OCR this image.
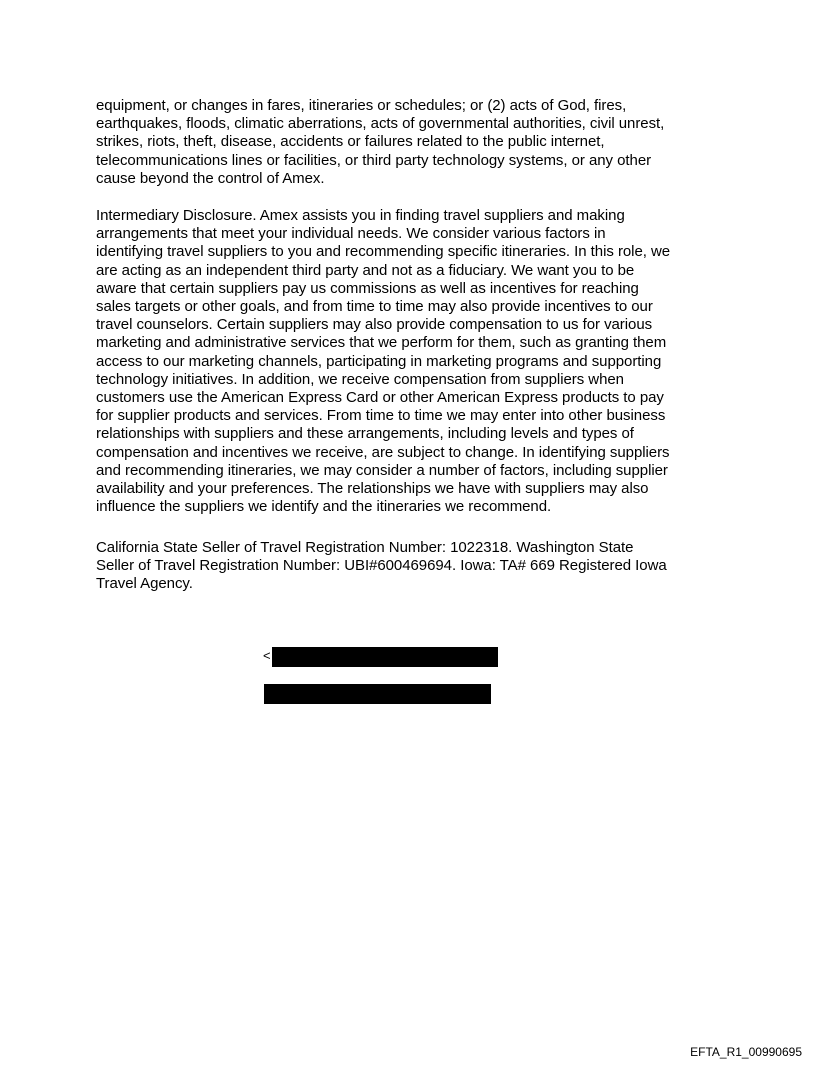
equipment, or changes in fares, itineraries or schedules; or (2) acts of God, fires,
earthquakes, floods, climatic aberrations, acts of governmental authorities, civil unrest,
strikes, riots, theft, disease, accidents or failures related to the public internet,
telecommunications lines or facilities, or third party technology systems, or any other
cause beyond the control of Amex.
Intermediary Disclosure. Amex assists you in finding travel suppliers and making
arrangements that meet your individual needs. We consider various factors in
identifying travel suppliers to you and recommending specific itineraries. In this role, we
are acting as an independent third party and not as a fiduciary. We want you to be
aware that certain suppliers pay us commissions as well as incentives for reaching
sales targets or other goals, and from time to time may also provide incentives to our
travel counselors. Certain suppliers may also provide compensation to us for various
marketing and administrative services that we perform for them, such as granting them
access to our marketing channels, participating in marketing programs and supporting
technology initiatives. In addition, we receive compensation from suppliers when
customers use the American Express Card or other American Express products to pay
for supplier products and services. From time to time we may enter into other business
relationships with suppliers and these arrangements, including levels and types of
compensation and incentives we receive, are subject to change. In identifying suppliers
and recommending itineraries, we may consider a number of factors, including supplier
availability and your preferences. The relationships we have with suppliers may also
influence the suppliers we identify and the itineraries we recommend.
California State Seller of Travel Registration Number: 1022318. Washington State
Seller of Travel Registration Number: UBI#600469694. Iowa: TA# 669 Registered Iowa
Travel Agency.
<
EFTA_R1_00990695
